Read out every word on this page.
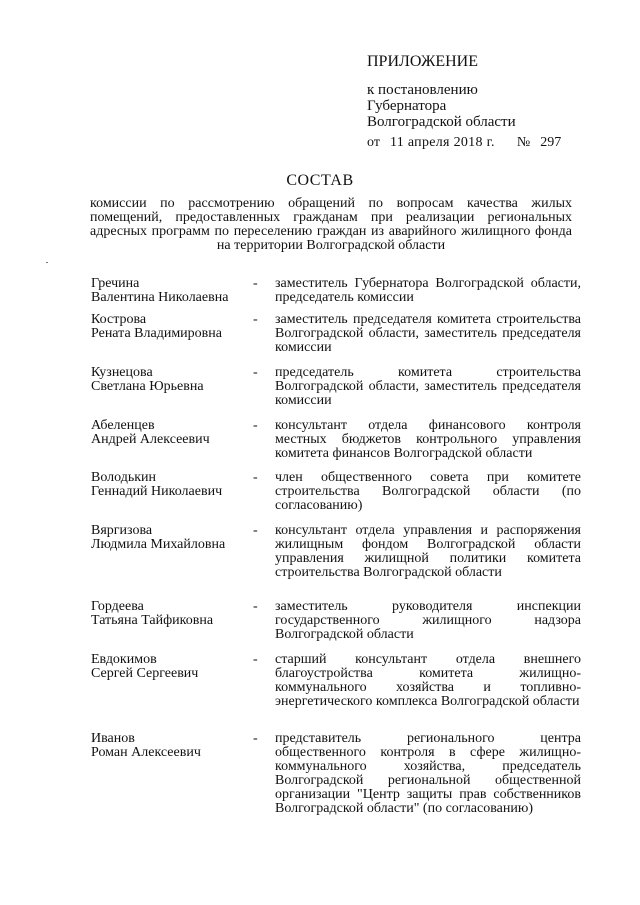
ПРИЛОЖЕНИЕ
к постановлению
Губернатора
Волгоградской области
от 11 апреля 2018 г. № 297
СОСТАВ
комиссии по рассмотрению обращений по вопросам качества жилых помещений, предоставленных гражданам при реализации региональных адресных программ по переселению граждан из аварийного жилищного фонда на территории Волгоградской области
Гречина
Валентина Николаевна
-	заместитель Губернатора Волгоградской области, председатель комиссии
Кострова
Рената Владимировна
-	заместитель председателя комитета строительства Волгоградской области, заместитель председателя комиссии
Кузнецова
Светлана Юрьевна
-	председатель комитета строительства Волгоградской области, заместитель председателя комиссии
Абеленцев
Андрей Алексеевич
-	консультант отдела финансового контроля местных бюджетов контрольного управления комитета финансов Волгоградской области
Володькин
Геннадий Николаевич
-	член общественного совета при комитете строительства Волгоградской области (по согласованию)
Вяргизова
Людмила Михайловна
-	консультант отдела управления и распоряжения жилищным фондом Волгоградской области управления жилищной политики комитета строительства Волгоградской области
Гордеева
Татьяна Тайфиковна
-	заместитель руководителя инспекции государственного жилищного надзора Волгоградской области
Евдокимов
Сергей Сергеевич
-	старший консультант отдела внешнего благоустройства комитета жилищно-коммунального хозяйства и топливно-энергетического комплекса Волгоградской области
Иванов
Роман Алексеевич
-	представитель регионального центра общественного контроля в сфере жилищно-коммунального хозяйства, председатель Волгоградской региональной общественной организации "Центр защиты прав собственников Волгоградской области" (по согласованию)
